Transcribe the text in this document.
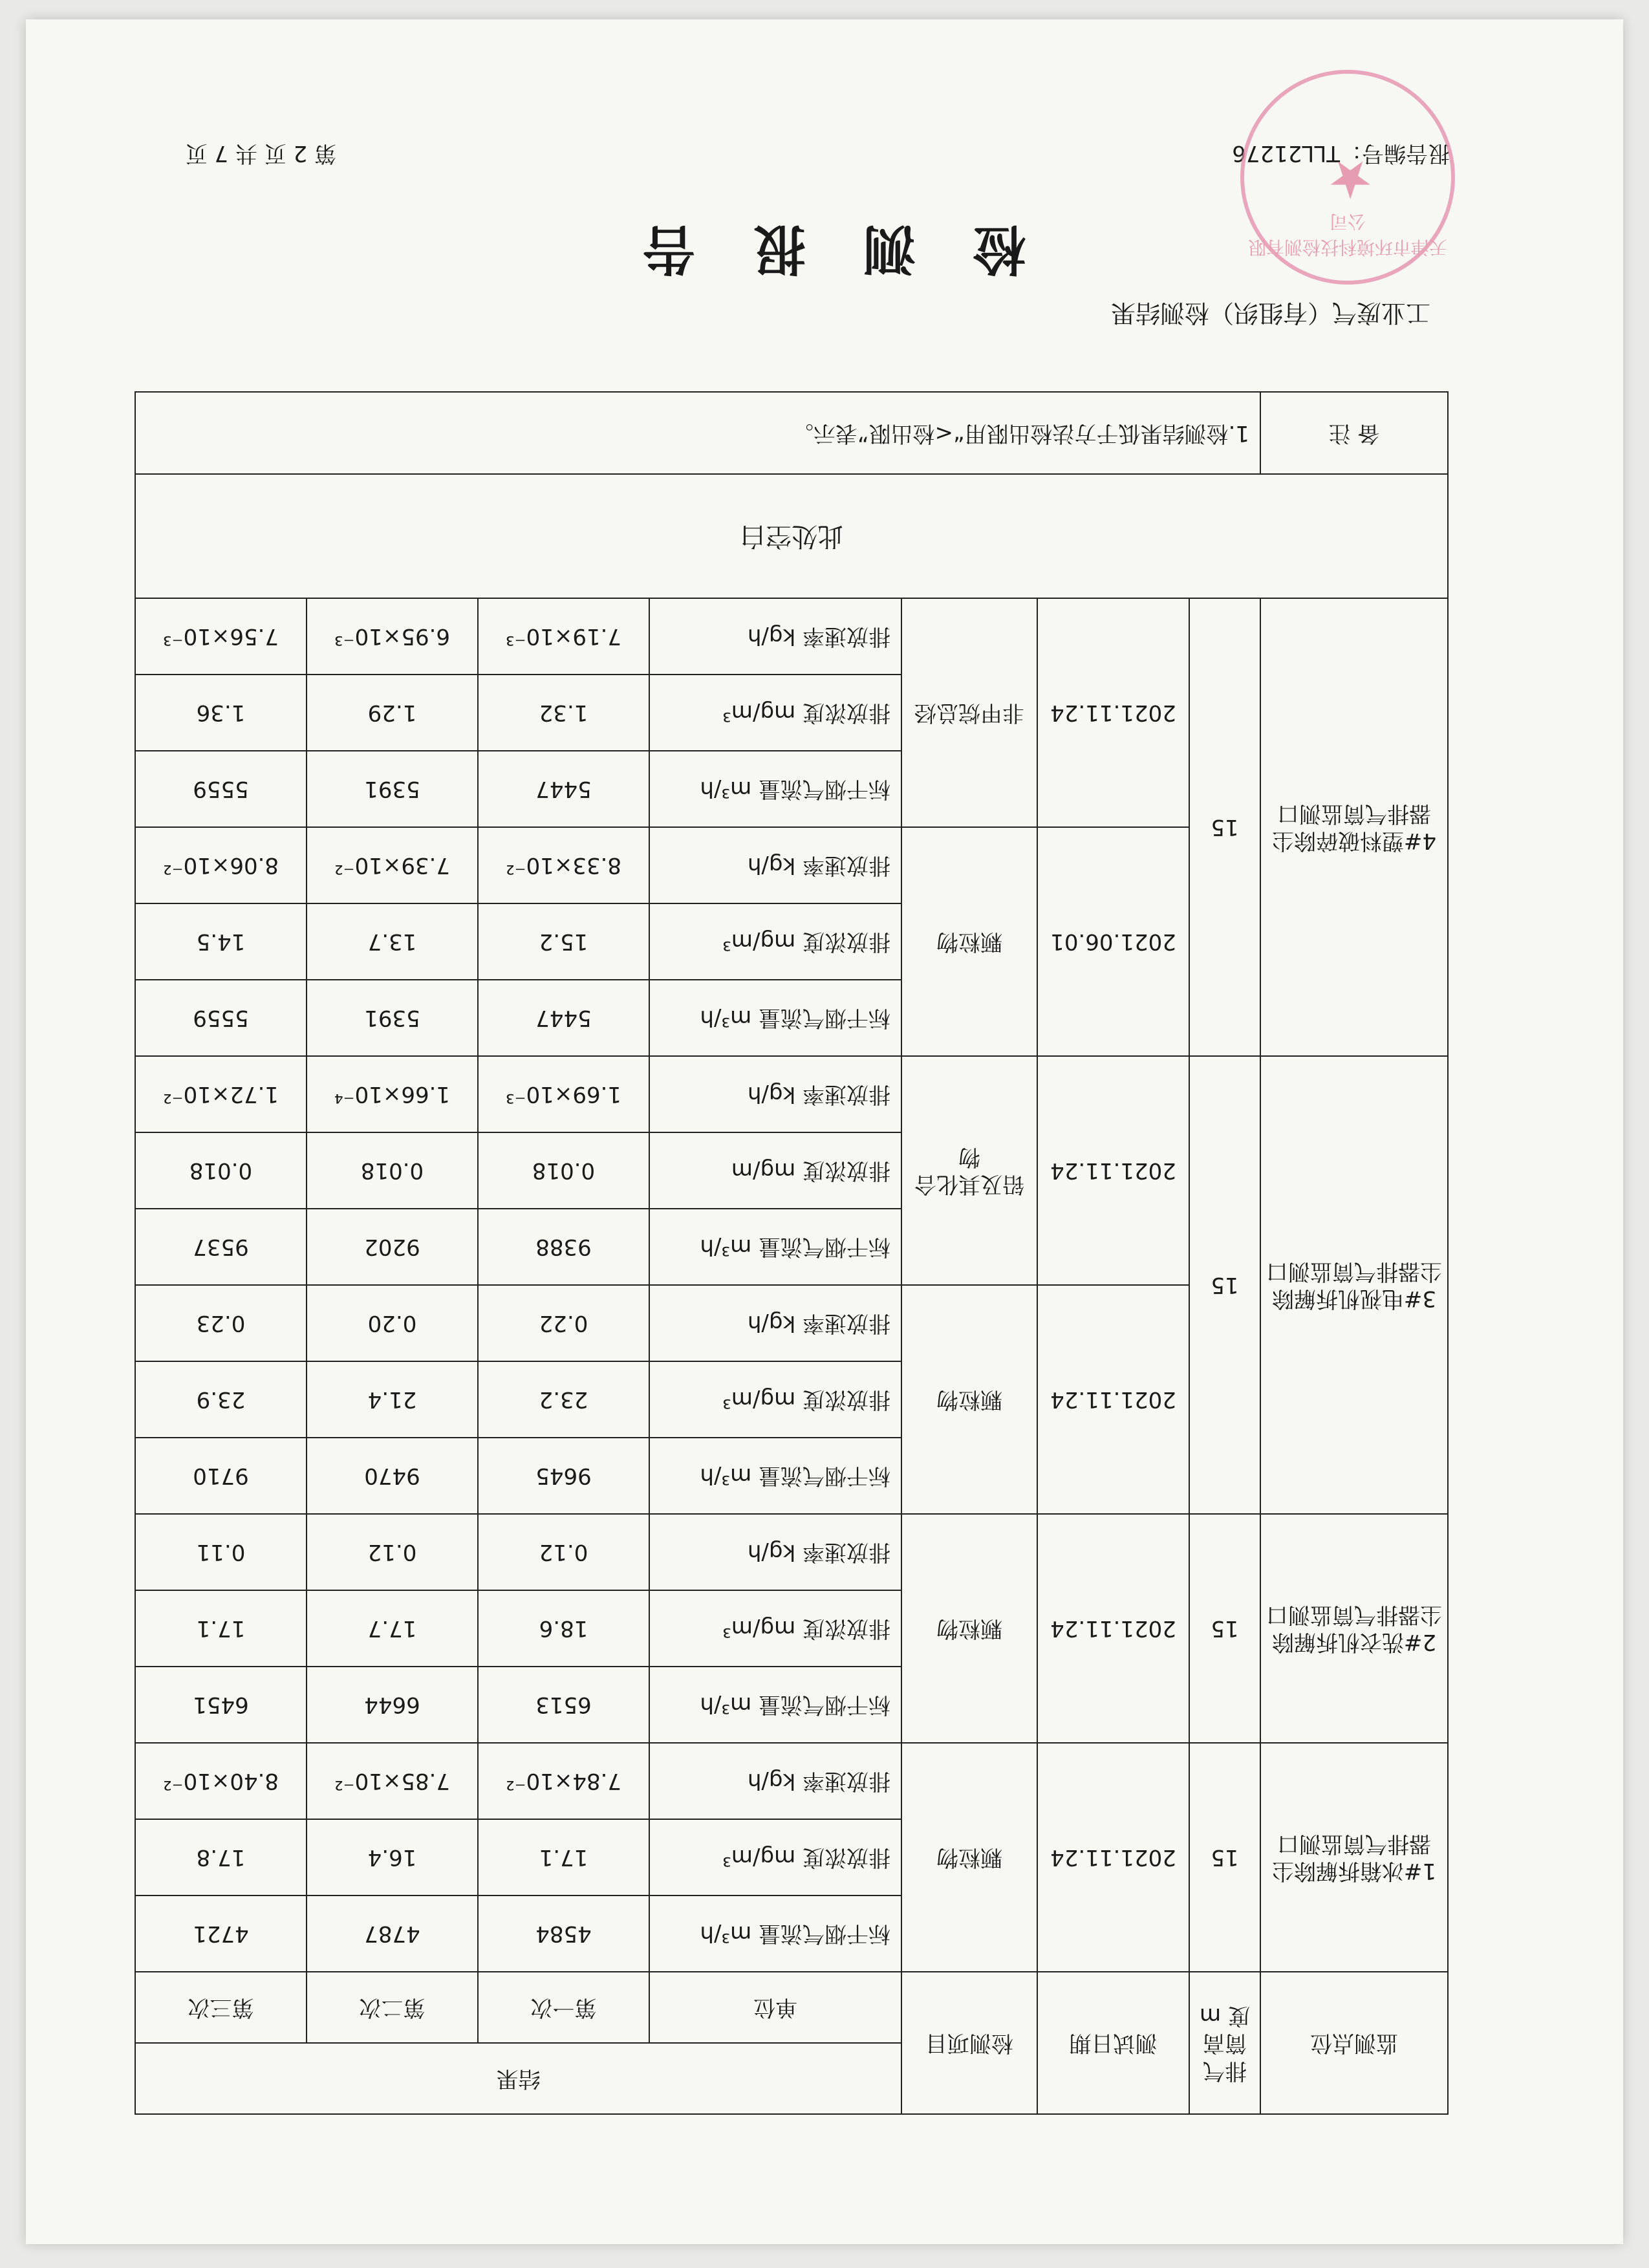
报告编号：TLL21276
第 2 页 共 7 页
检 测 报 告
工业废气（有组织）检测结果
天津市环境科技检测有限公司
★
监测点位	排气筒高度 m	测试日期	检测项目	结果			
				单位	第一次	第二次	第三次
1#冰箱拆解除尘器排气筒监测口	15	2021.11.24	颗粒物	标干烟气流量 m³/h	4584	4787	4721
				排放浓度 mg/m³	17.1	16.4	17.8
				排放速率 kg/h	7.84×10⁻²	7.85×10⁻²	8.40×10⁻²
2#洗衣机拆解除尘器排气筒监测口	15	2021.11.24	颗粒物	标干烟气流量 m³/h	6513	6644	6451
				排放浓度 mg/m³	18.6	17.7	17.1
				排放速率 kg/h	0.12	0.12	0.11
3#电视机拆解除尘器排气筒监测口	15	2021.11.24	颗粒物	标干烟气流量 m³/h	9645	9470	9710
				排放浓度 mg/m³	23.2	21.4	23.9
				排放速率 kg/h	0.22	0.20	0.23
		2021.11.24	铅及其化合物	标干烟气流量 m³/h	9388	9202	9537
				排放浓度 mg/m	0.018	0.018	0.018
				排放速率 kg/h	1.69×10⁻³	1.66×10⁻⁴	1.72×10⁻²
4#塑料破碎除尘器排气筒监测口	15	2021.06.01	颗粒物	标干烟气流量 m³/h	5447	5391	5559
				排放浓度 mg/m³	15.2	13.7	14.5
				排放速率 kg/h	8.33×10⁻²	7.39×10⁻²	8.06×10⁻²
		2021.11.24	非甲烷总烃	标干烟气流量 m³/h	5447	5391	5559
				排放浓度 mg/m³	1.32	1.29	1.36
				排放速率 kg/h	7.19×10⁻³	6.95×10⁻³	7.56×10⁻³
此处空白							
备 注	1.检测结果低于方法检出限用“<检出限”表示。						
